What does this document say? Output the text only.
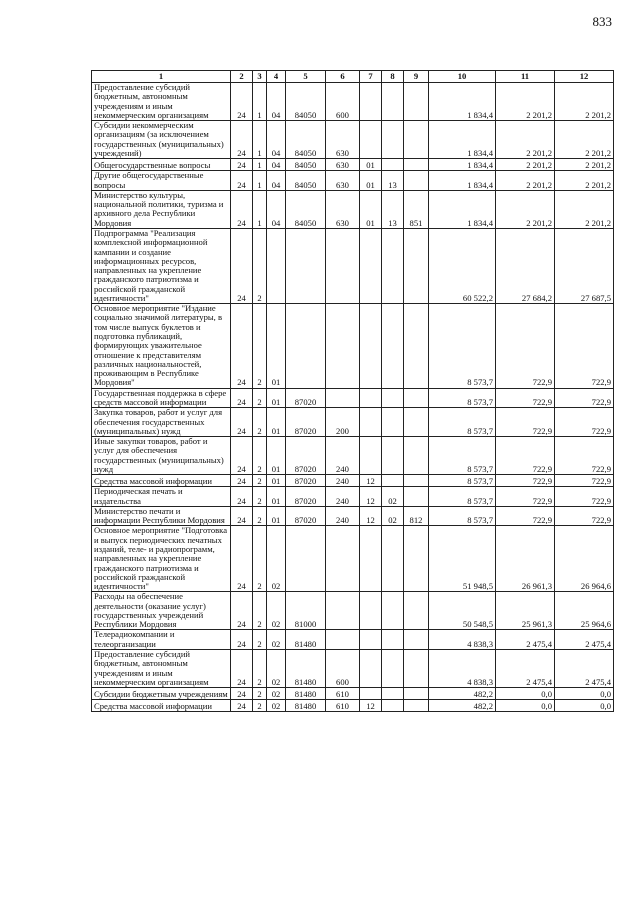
833
1	2	3	4	5	6	7	8	9	10	11	12
Предоставление субсидий бюджетным, автономным учреждениям и иным некоммерческим организациям	24	1	04	84050	600				1 834,4	2 201,2	2 201,2
Субсидии некоммерческим организациям (за исключением государственных (муниципальных) учреждений)	24	1	04	84050	630				1 834,4	2 201,2	2 201,2
Общегосударственные вопросы	24	1	04	84050	630	01			1 834,4	2 201,2	2 201,2
Другие общегосударственные вопросы	24	1	04	84050	630	01	13		1 834,4	2 201,2	2 201,2
Министерство культуры, национальной политики, туризма и архивного дела Республики Мордовия	24	1	04	84050	630	01	13	851	1 834,4	2 201,2	2 201,2
Подпрограмма "Реализация комплексной информационной кампании и создание информационных ресурсов, направленных на укрепление гражданского патриотизма и российской гражданской идентичности"	24	2							60 522,2	27 684,2	27 687,5
Основное мероприятие "Издание социально значимой литературы, в том числе выпуск буклетов и подготовка публикаций, формирующих уважительное отношение к представителям различных национальностей, проживающим в Республике Мордовия"	24	2	01						8 573,7	722,9	722,9
Государственная поддержка в сфере средств массовой информации	24	2	01	87020					8 573,7	722,9	722,9
Закупка товаров, работ и услуг для обеспечения государственных (муниципальных) нужд	24	2	01	87020	200				8 573,7	722,9	722,9
Иные закупки товаров, работ и услуг для обеспечения государственных (муниципальных) нужд	24	2	01	87020	240				8 573,7	722,9	722,9
Средства массовой информации	24	2	01	87020	240	12			8 573,7	722,9	722,9
Периодическая печать и издательства	24	2	01	87020	240	12	02		8 573,7	722,9	722,9
Министерство печати и информации Республики Мордовия	24	2	01	87020	240	12	02	812	8 573,7	722,9	722,9
Основное мероприятие "Подготовка и выпуск периодических печатных изданий, теле- и радиопрограмм, направленных на укрепление гражданского патриотизма и российской гражданской идентичности"	24	2	02						51 948,5	26 961,3	26 964,6
Расходы на обеспечение деятельности (оказание услуг) государственных учреждений Республики Мордовия	24	2	02	81000					50 548,5	25 961,3	25 964,6
Телерадиокомпании и телеорганизации	24	2	02	81480					4 838,3	2 475,4	2 475,4
Предоставление субсидий бюджетным, автономным учреждениям и иным некоммерческим организациям	24	2	02	81480	600				4 838,3	2 475,4	2 475,4
Субсидии бюджетным учреждениям	24	2	02	81480	610				482,2	0,0	0,0
Средства массовой информации	24	2	02	81480	610	12			482,2	0,0	0,0
